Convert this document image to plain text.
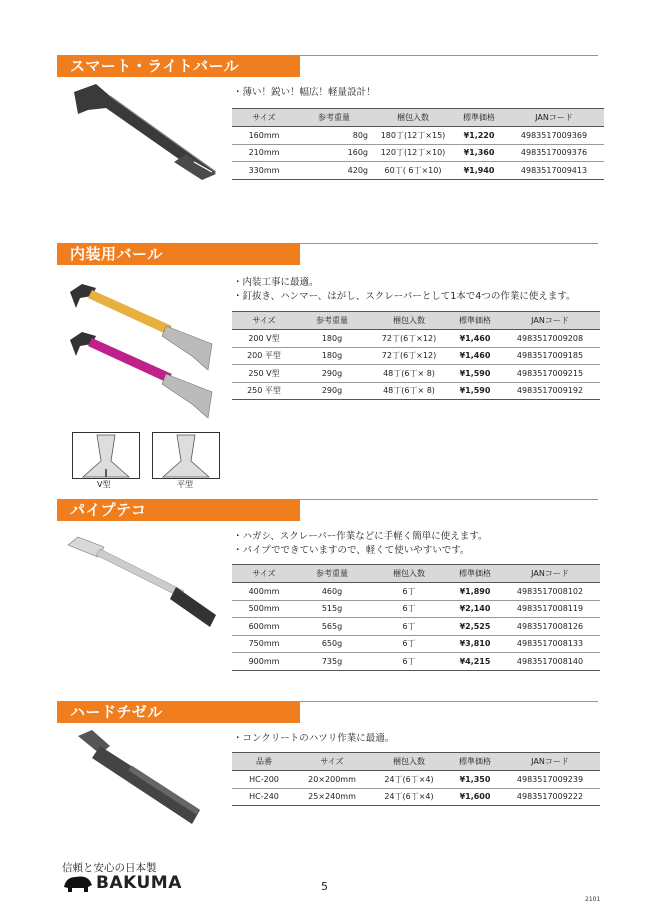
スマート・ライトバール
・薄い！鋭い！幅広！軽量設計！
サイズ	参考重量	梱包入数	標準価格	JANコード
160mm	80g	180丁(12丁×15)	¥1,220	4983517009369
210mm	160g	120丁(12丁×10)	¥1,360	4983517009376
330mm	420g	60丁( 6丁×10)	¥1,940	4983517009413
内装用バール
V型	平型
・内装工事に最適。
・釘抜き、ハンマー、はがし、スクレーパーとして1本で4つの作業に使えます。
サイズ	参考重量	梱包入数	標準価格	JANコード
200 V型	180g	72丁(6丁×12)	¥1,460	4983517009208
200 平型	180g	72丁(6丁×12)	¥1,460	4983517009185
250 V型	290g	48丁(6丁× 8)	¥1,590	4983517009215
250 平型	290g	48丁(6丁× 8)	¥1,590	4983517009192
パイプテコ
・ハガシ、スクレーパー作業などに手軽く簡単に使えます。
・パイプでできていますので、軽くて使いやすいです。
サイズ	参考重量	梱包入数	標準価格	JANコード
400mm	460g	6丁	¥1,890	4983517008102
500mm	515g	6丁	¥2,140	4983517008119
600mm	565g	6丁	¥2,525	4983517008126
750mm	650g	6丁	¥3,810	4983517008133
900mm	735g	6丁	¥4,215	4983517008140
ハードチゼル
・コンクリートのハツリ作業に最適。
品番	サイズ	梱包入数	標準価格	JANコード
HC-200	20×200mm	24丁(6丁×4)	¥1,350	4983517009239
HC-240	25×240mm	24丁(6丁×4)	¥1,600	4983517009222
信頼と安心の日本製
BAKUMA	5
2101
